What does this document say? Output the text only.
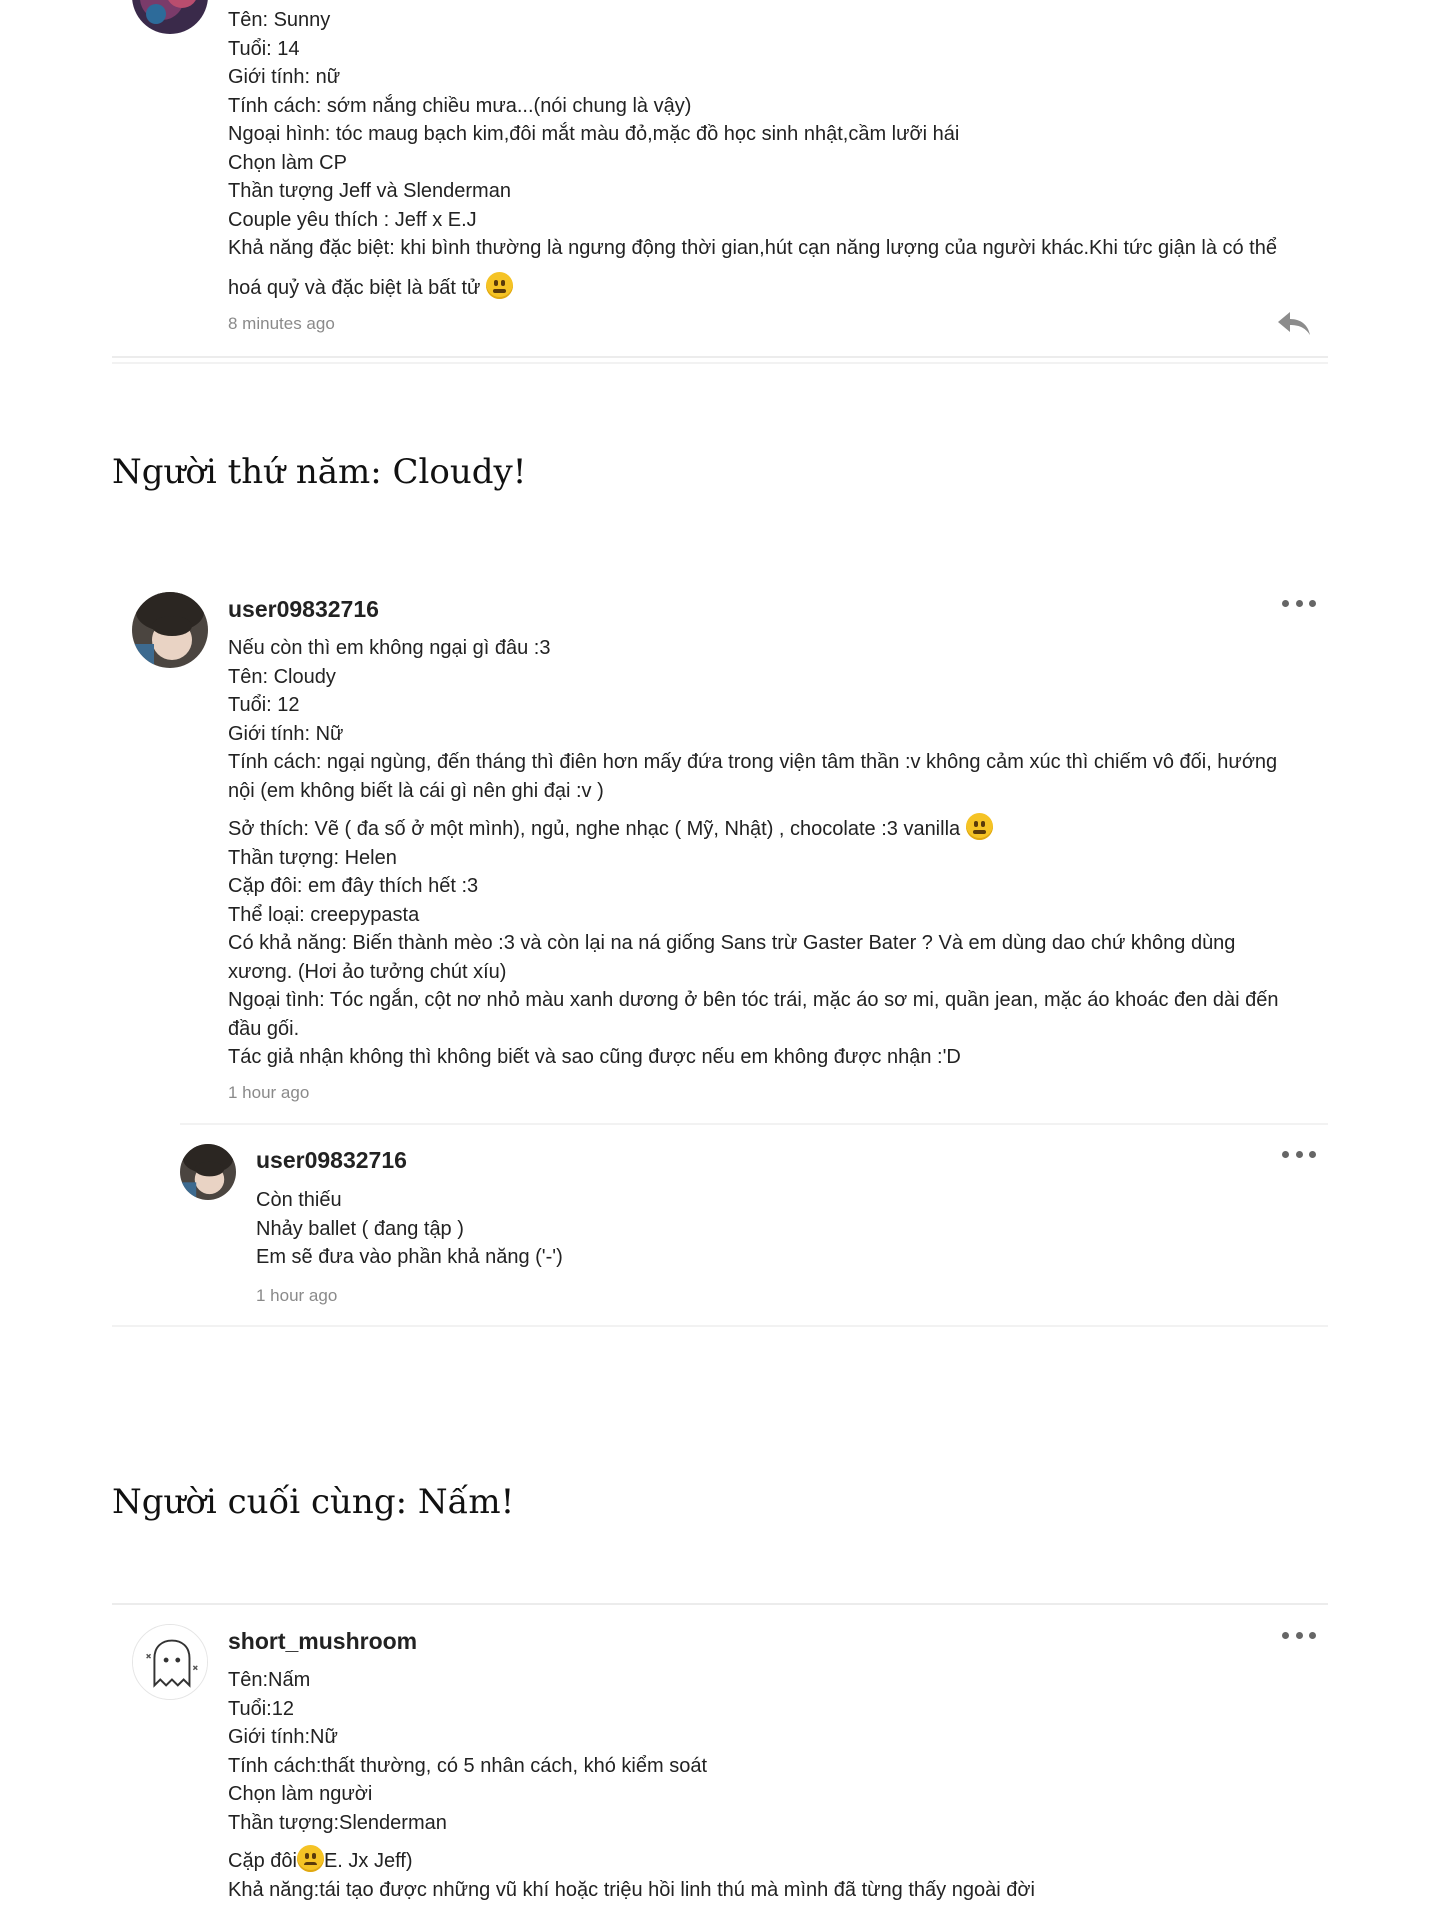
Tên: Sunny
Tuổi: 14
Giới tính: nữ
Tính cách: sớm nắng chiều mưa...(nói chung là vậy)
Ngoại hình: tóc maug bạch kim,đôi mắt màu đỏ,mặc đồ học sinh nhật,cầm lưỡi hái
Chọn làm CP
Thần tượng Jeff và Slenderman
Couple yêu thích : Jeff x E.J
Khả năng đặc biệt: khi bình thường là ngưng động thời gian,hút cạn năng lượng của người khác.Khi tức giận là có thể
hoá quỷ và đặc biệt là bất tử
8 minutes ago
Người thứ năm: Cloudy!
user09832716
Nếu còn thì em không ngại gì đâu :3
Tên: Cloudy
Tuổi: 12
Giới tính: Nữ
Tính cách: ngại ngùng, đến tháng thì điên hơn mấy đứa trong viện tâm thần :v không cảm xúc thì chiếm vô đối, hướng
nội (em không biết là cái gì nên ghi đại :v )
Sở thích: Vẽ ( đa số ở một mình), ngủ, nghe nhạc ( Mỹ, Nhật) , chocolate :3 vanilla
Thần tượng: Helen
Cặp đôi: em đây thích hết :3
Thể loại: creepypasta
Có khả năng: Biến thành mèo :3 và còn lại na ná giống Sans trừ Gaster Bater ? Và em dùng dao chứ không dùng
xương. (Hơi ảo tưởng chút xíu)
Ngoại tình: Tóc ngắn, cột nơ nhỏ màu xanh dương ở bên tóc trái, mặc áo sơ mi, quần jean, mặc áo khoác đen dài đến
đầu gối.
Tác giả nhận không thì không biết và sao cũng được nếu em không được nhận :'D
1 hour ago
user09832716
Còn thiếu
Nhảy ballet ( đang tập )
Em sẽ đưa vào phần khả năng ('-')
1 hour ago
Người cuối cùng: Nấm!
short_mushroom
Tên:Nấm
Tuổi:12
Giới tính:Nữ
Tính cách:thất thường, có 5 nhân cách, khó kiểm soát
Chọn làm người
Thần tượng:Slenderman
Cặp đôi E. Jx Jeff)
Khả năng:tái tạo được những vũ khí hoặc triệu hồi linh thú mà mình đã từng thấy ngoài đời
